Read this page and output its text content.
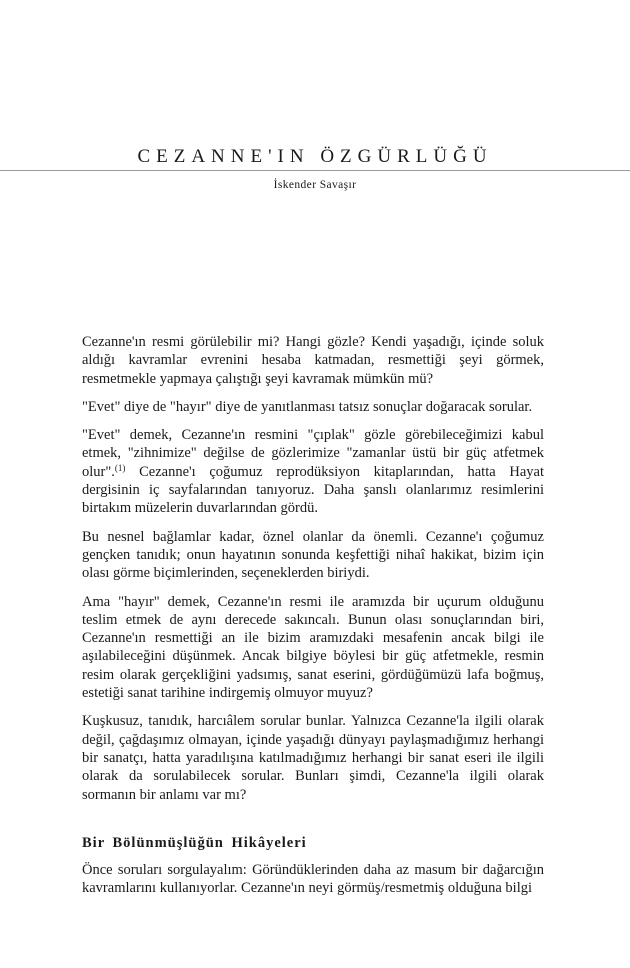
CEZANNE'IN ÖZGÜRLÜĞÜ
İskender Savaşır

Cezanne'ın resmi görülebilir mi? Hangi gözle? Kendi yaşadığı, içinde soluk aldığı kavramlar evrenini hesaba katmadan, resmettiği şeyi görmek, resmetmekle yapmaya çalıştığı şeyi kavramak mümkün mü?

"Evet" diye de "hayır" diye de yanıtlanması tatsız sonuçlar doğaracak sorular.

"Evet" demek, Cezanne'ın resmini "çıplak" gözle görebileceğimizi kabul etmek, "zihnimize" değilse de gözlerimize "zamanlar üstü bir güç atfetmek olur".$^{(1)}$ Cezanne'ı çoğumuz reprodüksiyon kitaplarından, hatta Hayat dergisinin iç sayfalarından tanıyoruz. Daha şanslı olanlarımız resimlerini birtakım müzelerin duvarlarından gördü.

Bu nesnel bağlamlar kadar, öznel olanlar da önemli. Cezanne'ı çoğumuz gençken tanıdık; onun hayatının sonunda keşfettiği nihaî hakikat, bizim için olası görme biçimlerinden, seçeneklerden biriydi.

Ama "hayır" demek, Cezanne'ın resmi ile aramızda bir uçurum olduğunu teslim etmek de aynı derecede sakıncalı. Bunun olası sonuçlarından biri, Cezanne'ın resmettiği an ile bizim aramızdaki mesafenin ancak bilgi ile aşılabileceğini düşünmek. Ancak bilgiye böylesi bir güç atfetmekle, resmin resim olarak gerçekliğini yadsımış, sanat eserini, gördüğümüzü lafa boğmuş, estetiği sanat tarihine indirgemiş olmuyor muyuz?

Kuşkusuz, tanıdık, harcıâlem sorular bunlar. Yalnızca Cezanne'la ilgili olarak değil, çağdaşımız olmayan, içinde yaşadığı dünyayı paylaşmadığımız herhangi bir sanatçı, hatta yaradılışına katılmadığımız herhangi bir sanat eseri ile ilgili olarak da sorulabilecek sorular. Bunları şimdi, Cezanne'la ilgili olarak sormanın bir anlamı var mı?

Bir Bölünmüşlüğün Hikâyeleri

Önce soruları sorgulayalım: Göründüklerinden daha az masum bir dağarcığın kavramlarını kullanıyorlar. Cezanne'ın neyi görmüş/resmetmiş olduğuna bilgi
